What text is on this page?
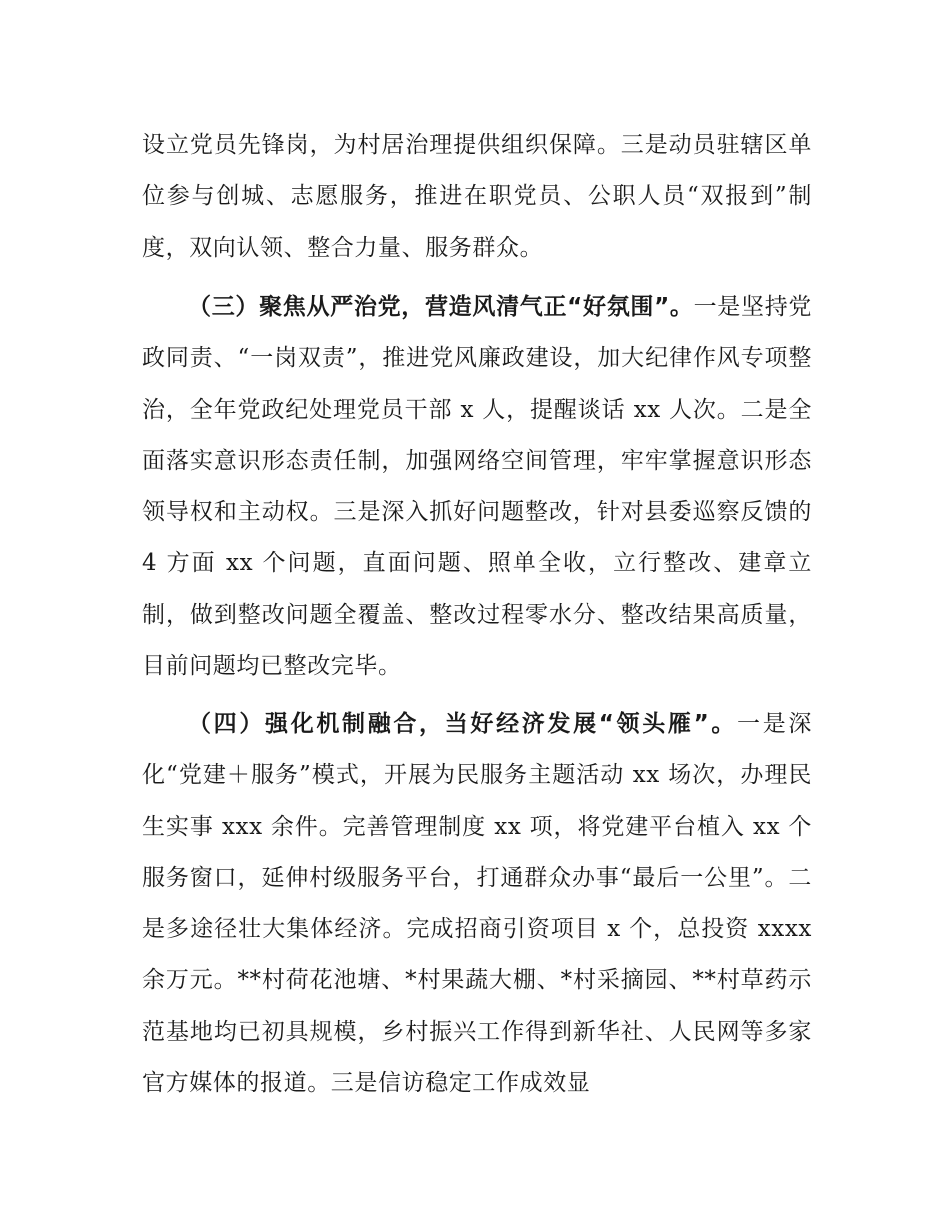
设立党员先锋岗，为村居治理提供组织保障。三是动员驻辖区单位参与创城、志愿服务，推进在职党员、公职人员“双报到”制度，双向认领、整合力量、服务群众。

（三）聚焦从严治党，营造风清气正“好氛围”。一是坚持党政同责、“一岗双责”，推进党风廉政建设，加大纪律作风专项整治，全年党政纪处理党员干部 x 人，提醒谈话 xx 人次。二是全面落实意识形态责任制，加强网络空间管理，牢牢掌握意识形态领导权和主动权。三是深入抓好问题整改，针对县委巡察反馈的 4 方面 xx 个问题，直面问题、照单全收，立行整改、建章立制，做到整改问题全覆盖、整改过程零水分、整改结果高质量，目前问题均已整改完毕。

（四）强化机制融合，当好经济发展“领头雁”。一是深化“党建＋服务”模式，开展为民服务主题活动 xx 场次，办理民生实事 xxx 余件。完善管理制度 xx 项，将党建平台植入 xx 个服务窗口，延伸村级服务平台，打通群众办事“最后一公里”。二是多途径壮大集体经济。完成招商引资项目 x 个，总投资 xxxx 余万元。**村荷花池塘、*村果蔬大棚、*村采摘园、**村草药示范基地均已初具规模，乡村振兴工作得到新华社、人民网等多家官方媒体的报道。三是信访稳定工作成效显
